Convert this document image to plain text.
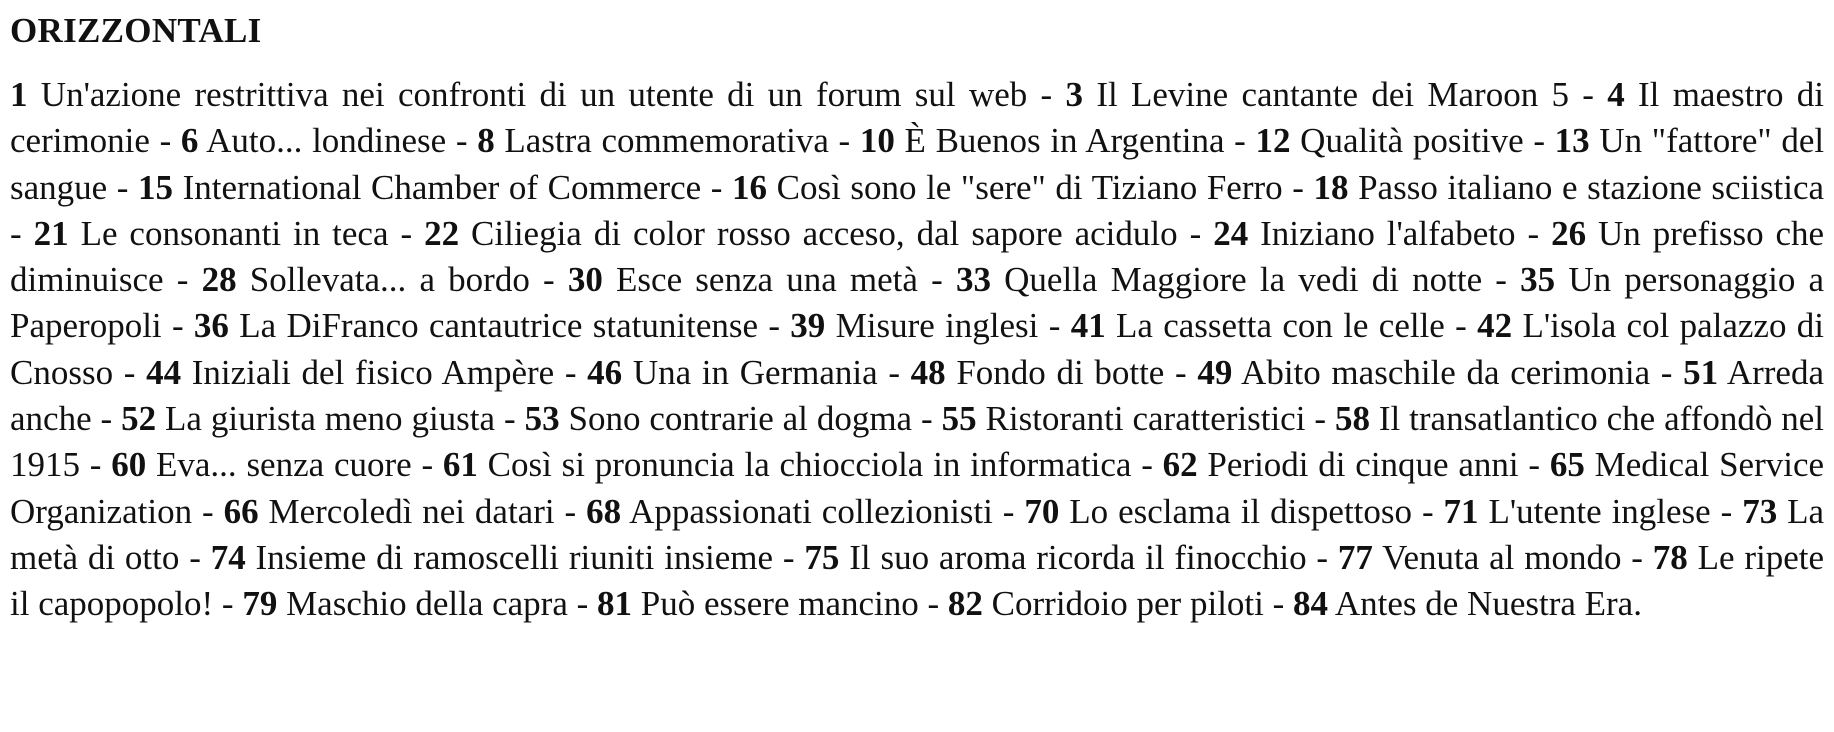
ORIZZONTALI

1 Un'azione restrittiva nei confronti di un utente di un forum sul web - 3 Il Levine cantante dei Maroon 5 - 4 Il maestro di cerimonie - 6 Auto... londinese - 8 Lastra commemorativa - 10 È Buenos in Argentina - 12 Qualità positive - 13 Un "fattore" del sangue - 15 International Chamber of Commerce - 16 Così sono le "sere" di Tiziano Ferro - 18 Passo italiano e stazione sciistica - 21 Le consonanti in teca - 22 Ciliegia di color rosso acceso, dal sapore acidulo - 24 Iniziano l'alfabeto - 26 Un prefisso che diminuisce - 28 Sollevata... a bordo - 30 Esce senza una metà - 33 Quella Maggiore la vedi di notte - 35 Un personaggio a Paperopoli - 36 La DiFranco cantautrice statunitense - 39 Misure inglesi - 41 La cassetta con le celle - 42 L'isola col palazzo di Cnosso - 44 Iniziali del fisico Ampère - 46 Una in Germania - 48 Fondo di botte - 49 Abito maschile da cerimonia - 51 Arreda anche - 52 La giurista meno giusta - 53 Sono contrarie al dogma - 55 Ristoranti caratteristici - 58 Il transatlantico che affondò nel 1915 - 60 Eva... senza cuore - 61 Così si pronuncia la chiocciola in informatica - 62 Periodi di cinque anni - 65 Medical Service Organization - 66 Mercoledì nei datari - 68 Appassionati collezionisti - 70 Lo esclama il dispettoso - 71 L'utente inglese - 73 La metà di otto - 74 Insieme di ramoscelli riuniti insieme - 75 Il suo aroma ricorda il finocchio - 77 Venuta al mondo - 78 Le ripete il capopopolo! - 79 Maschio della capra - 81 Può essere mancino - 82 Corridoio per piloti - 84 Antes de Nuestra Era.
